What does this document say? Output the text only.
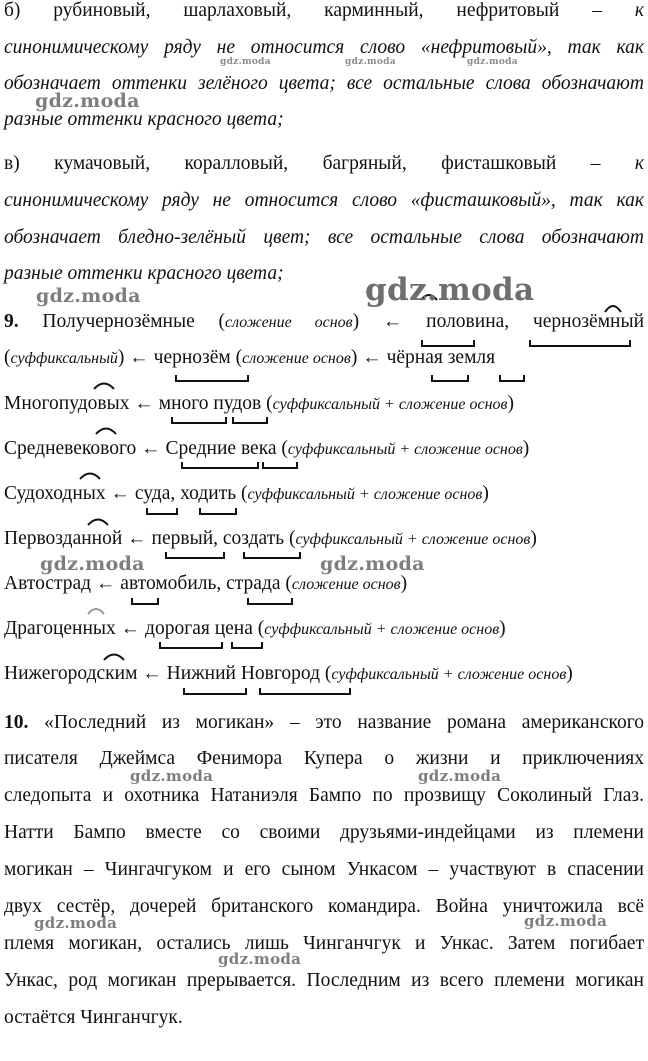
б) рубиновый, шарлаховый, карминный, нефритовый – к
синонимическому ряду не относится слово «нефритовый», так как
обозначает оттенки зелёного цвета; все остальные слова обозначают
разные оттенки красного цвета;
в) кумачовый, коралловый, багряный, фисташковый – к
синонимическому ряду не относится слово «фисташковый», так как
обозначает бледно-зелёный цвет; все остальные слова обозначают
разные оттенки красного цвета;
9. Получернозёмные (сложение основ) ← половина, чернозёмный
(суффиксальный) ← чернозём (сложение основ) ← чёрная земля
Многопудовых ← много пудов (суффиксальный + сложение основ)
Средневекового ← Средние века (суффиксальный + сложение основ)
Судоходных ← суда, ходить (суффиксальный + сложение основ)
Первозданной ← первый, создать (суффиксальный + сложение основ)
Автострад ← автомобиль, страда (сложение основ)
Драгоценных ← дорогая цена (суффиксальный + сложение основ)
Нижегородским ← Нижний Новгород (суффиксальный + сложение основ)
10. «Последний из могикан» – это название романа американского
писателя Джеймса Фенимора Купера о жизни и приключениях
следопыта и охотника Натаниэля Бампо по прозвищу Соколиный Глаз.
Натти Бампо вместе со своими друзьями-индейцами из племени
могикан – Чингачгуком и его сыном Ункасом – участвуют в спасении
двух сестёр, дочерей британского командира. Война уничтожила всё
племя могикан, остались лишь Чинганчгук и Ункас. Затем погибает
Ункас, род могикан прерывается. Последним из всего племени могикан
остаётся Чинганчгук.
gdz.moda
gdz.moda	gdz.moda	gdz.moda
gdz.moda	gdz.moda
gdz.moda	gdz.moda
gdz.moda	gdz.moda
gdz.moda	gdz.moda
gdz.moda
